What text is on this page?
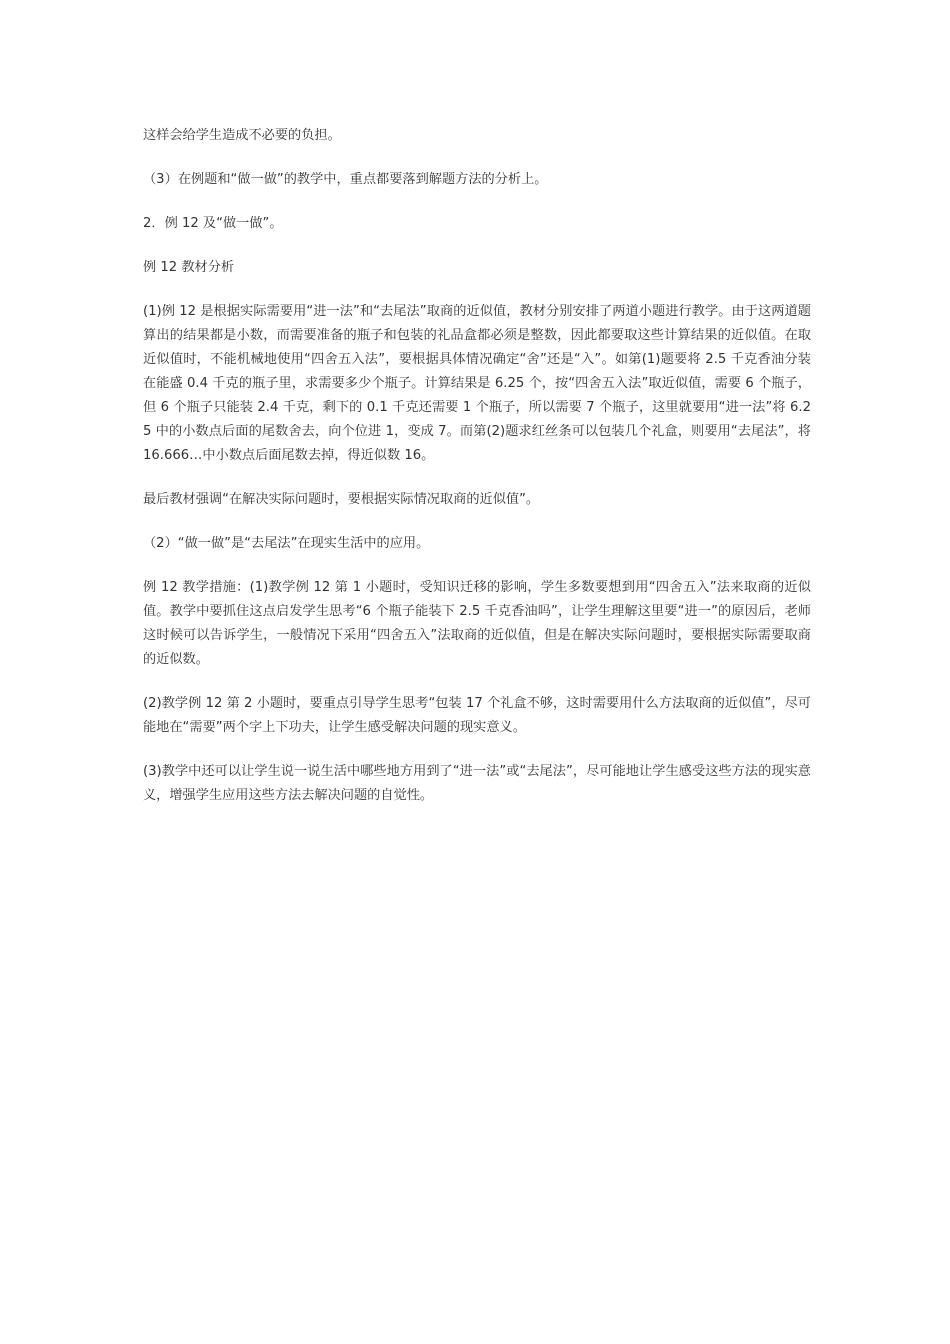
这样会给学生造成不必要的负担。

（3）在例题和“做一做”的教学中，重点都要落到解题方法的分析上。

2．例 12 及“做一做”。

例 12 教材分析

(1)例 12 是根据实际需要用“进一法”和“去尾法”取商的近似值，教材分别安排了两道小题进行教学。由于这两道题算出的结果都是小数，而需要准备的瓶子和包装的礼品盒都必须是整数，因此都要取这些计算结果的近似值。在取近似值时，不能机械地使用“四舍五入法”，要根据具体情况确定“舍”还是“入”。如第(1)题要将 2.5 千克香油分装在能盛 0.4 千克的瓶子里，求需要多少个瓶子。计算结果是 6.25 个，按“四舍五入法”取近似值，需要 6 个瓶子，但 6 个瓶子只能装 2.4 千克，剩下的 0.1 千克还需要 1 个瓶子，所以需要 7 个瓶子，这里就要用“进一法”将 6.25 中的小数点后面的尾数舍去，向个位进 1，变成 7。而第(2)题求红丝条可以包装几个礼盒，则要用“去尾法”，将 16.666…中小数点后面尾数去掉，得近似数 16。

最后教材强调“在解决实际问题时，要根据实际情况取商的近似值”。

（2）“做一做”是“去尾法”在现实生活中的应用。

例 12 教学措施：(1)教学例 12 第 1 小题时，受知识迁移的影响，学生多数要想到用“四舍五入”法来取商的近似值。教学中要抓住这点启发学生思考“6 个瓶子能装下 2.5 千克香油吗”，让学生理解这里要“进一”的原因后，老师这时候可以告诉学生，一般情况下采用“四舍五入”法取商的近似值，但是在解决实际问题时，要根据实际需要取商的近似数。

(2)教学例 12 第 2 小题时，要重点引导学生思考“包装 17 个礼盒不够，这时需要用什么方法取商的近似值”，尽可能地在“需要”两个字上下功夫，让学生感受解决问题的现实意义。

(3)教学中还可以让学生说一说生活中哪些地方用到了“进一法”或“去尾法”，尽可能地让学生感受这些方法的现实意义，增强学生应用这些方法去解决问题的自觉性。
